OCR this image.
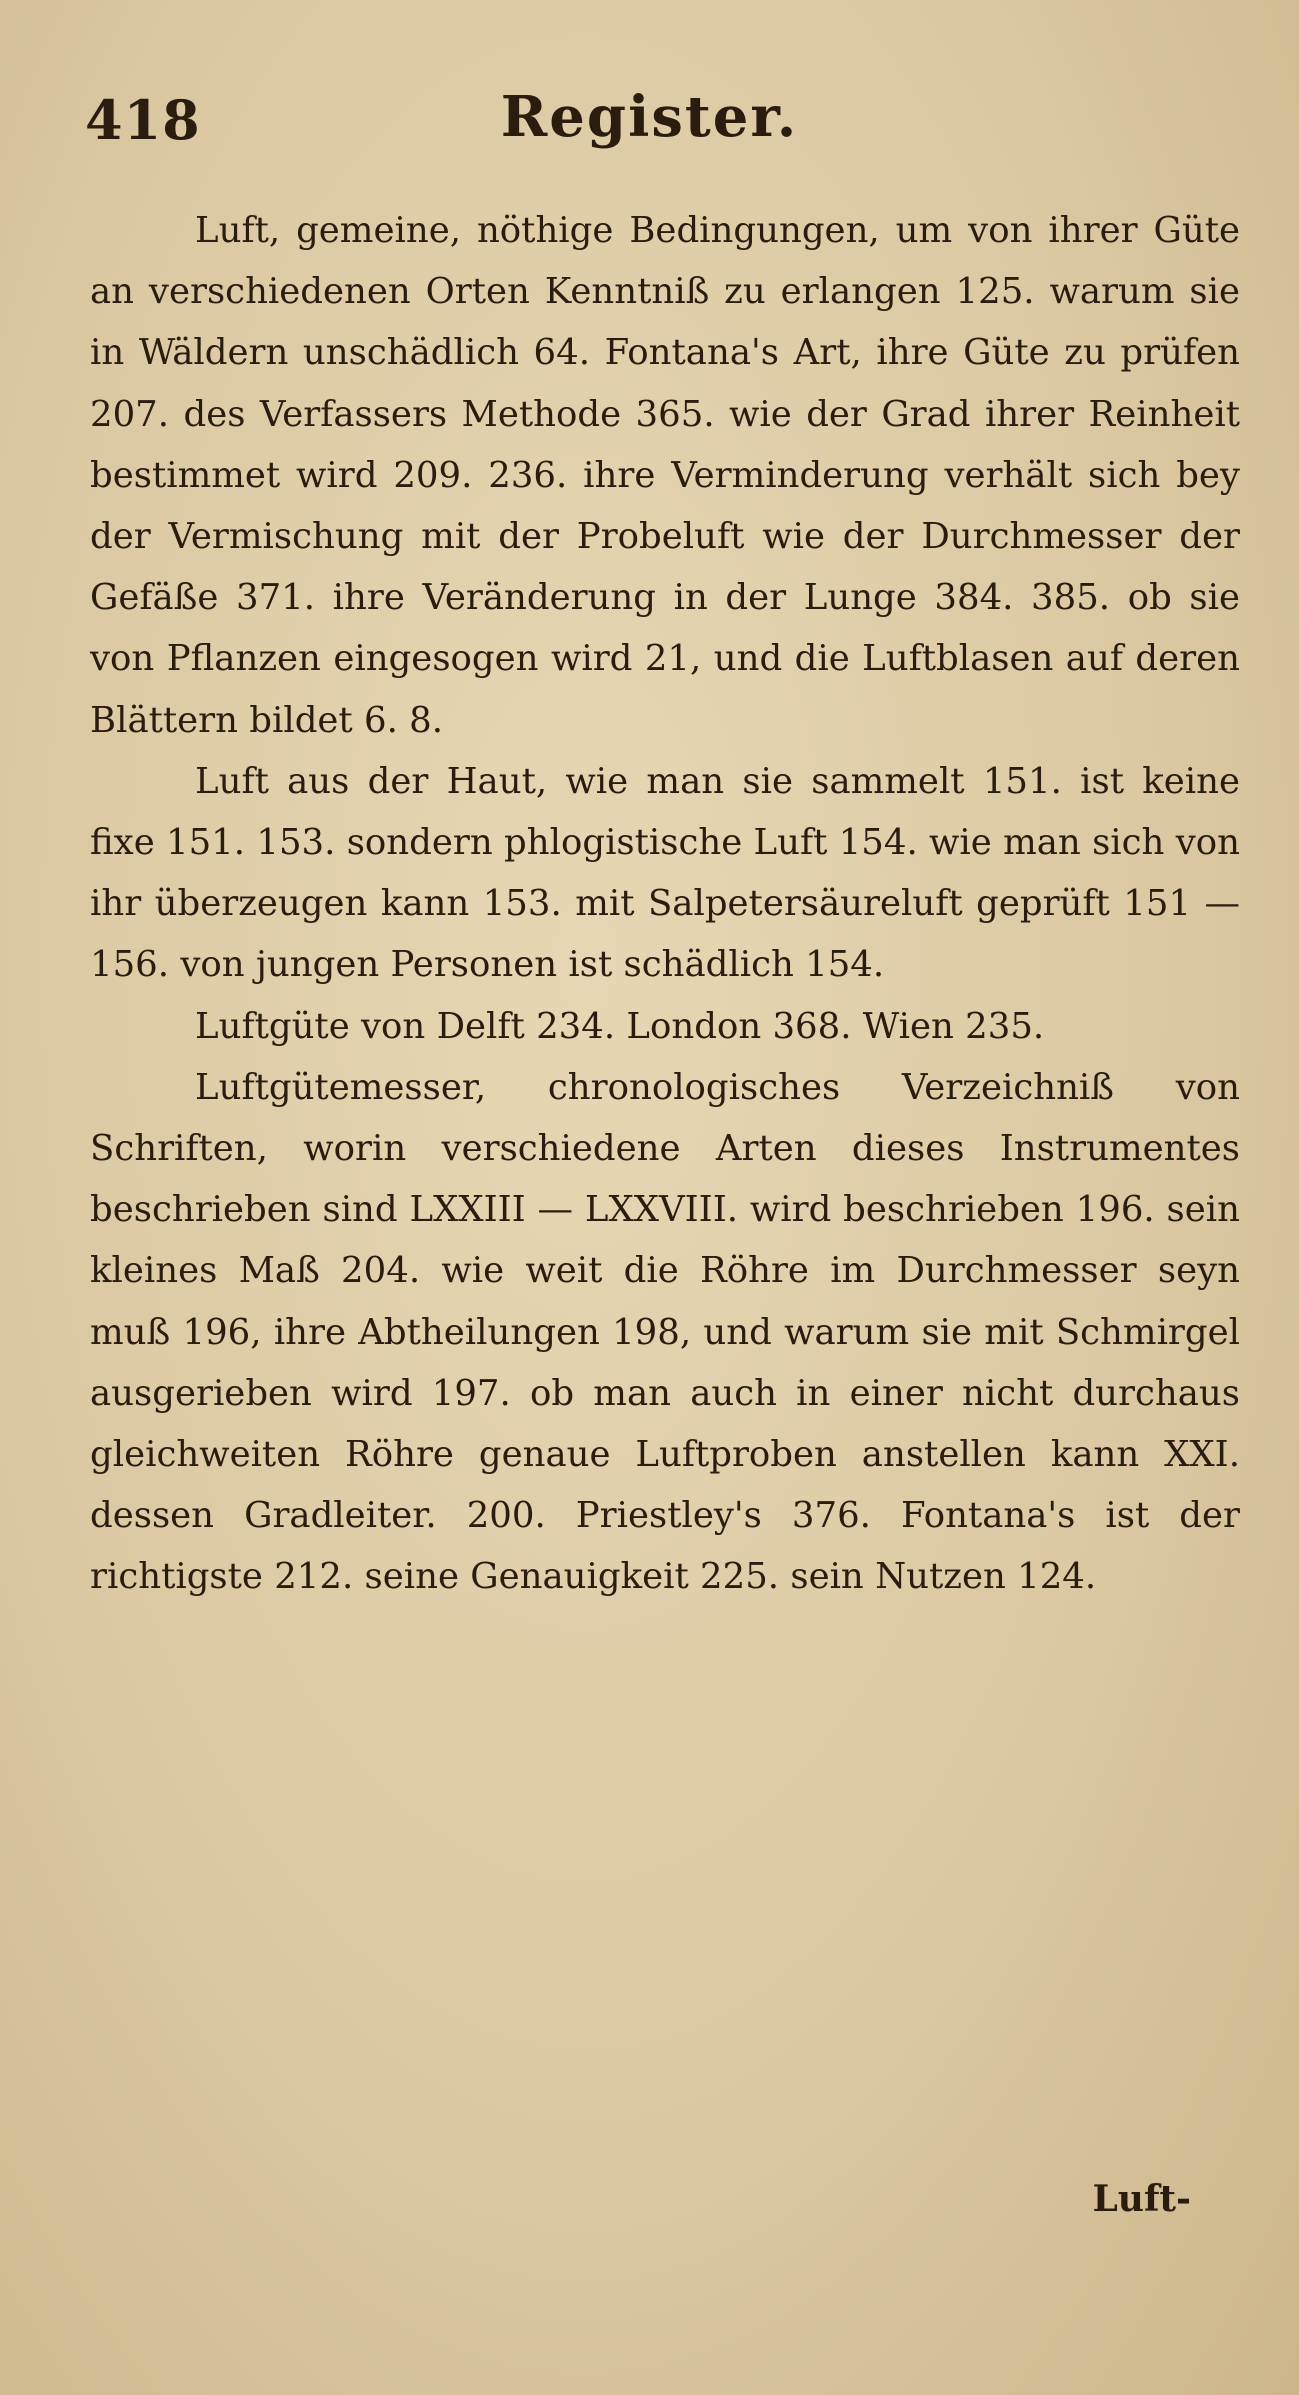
418	Register.

Luft, gemeine, nöthige Bedingungen, um von ihrer Güte an verschiedenen Orten Kenntniß zu erlangen 125. warum sie in Wäldern unschädlich 64. Fontana's Art, ihre Güte zu prüfen 207. des Verfassers Methode 365. wie der Grad ihrer Reinheit bestimmet wird 209. 236. ihre Verminderung verhält sich bey der Vermischung mit der Probeluft wie der Durchmesser der Gefäße 371. ihre Veränderung in der Lunge 384. 385. ob sie von Pflanzen eingesogen wird 21, und die Luftblasen auf deren Blättern bildet 6. 8.

Luft aus der Haut, wie man sie sammelt 151. ist keine fixe 151. 153. sondern phlogistische Luft 154. wie man sich von ihr überzeugen kann 153. mit Salpetersäureluft geprüft 151 — 156. von jungen Personen ist schädlich 154.

Luftgüte von Delft 234. London 368. Wien 235.

Luftgütemesser, chronologisches Verzeichniß von Schriften, worin verschiedene Arten dieses Instrumentes beschrieben sind LXXIII — LXXVIII. wird beschrieben 196. sein kleines Maß 204. wie weit die Röhre im Durchmesser seyn muß 196, ihre Abtheilungen 198, und warum sie mit Schmirgel ausgerieben wird 197. ob man auch in einer nicht durchaus gleichweiten Röhre genaue Luftproben anstellen kann XXI. dessen Gradleiter. 200. Priestley's 376. Fontana's ist der richtigste 212. seine Genauigkeit 225. sein Nutzen 124.

Luft-
